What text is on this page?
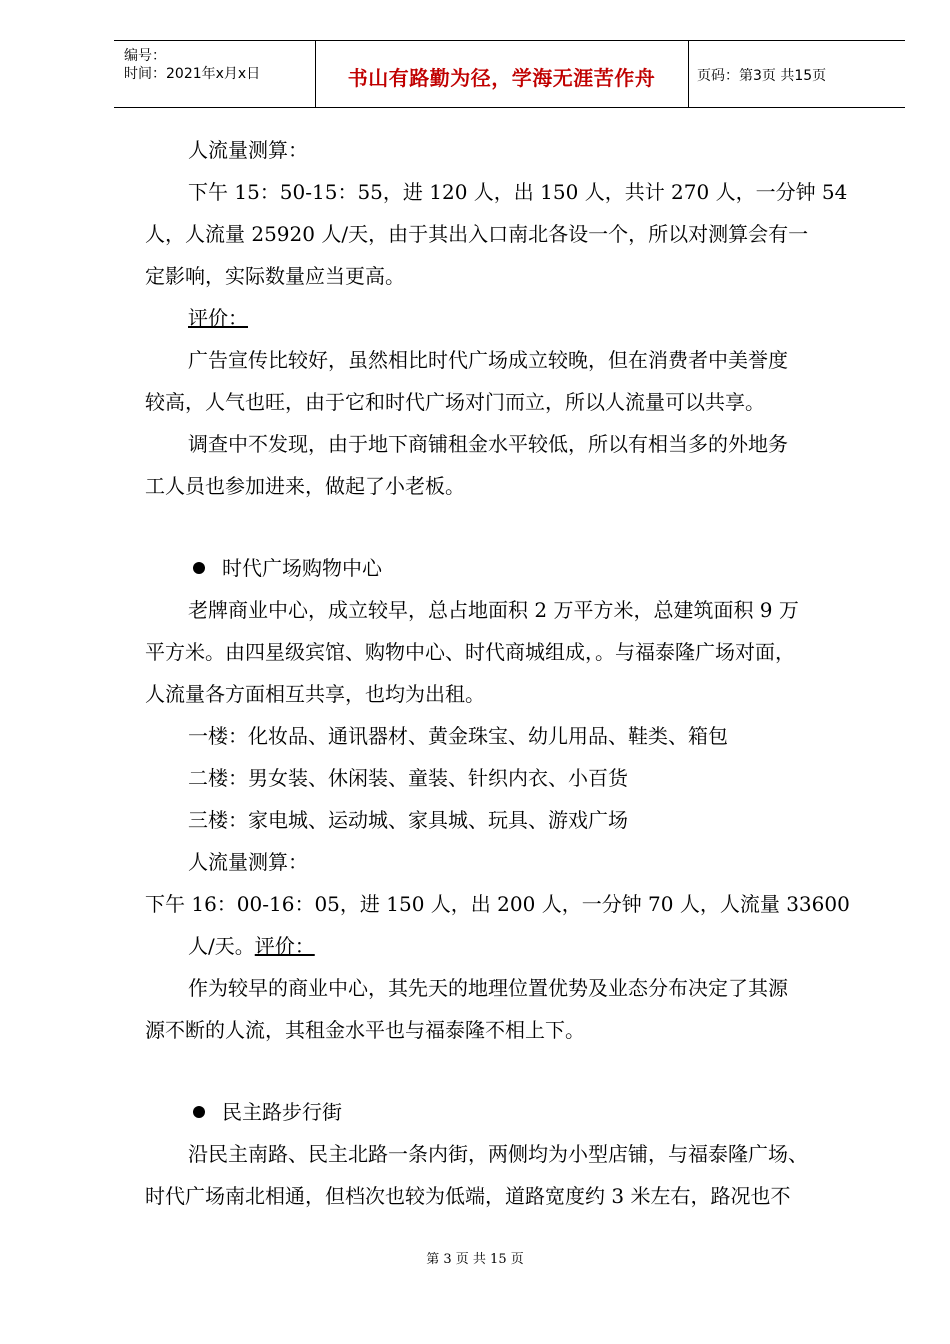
编号：
时间：2021年x月x日	书山有路勤为径，学海无涯苦作舟	页码：第3页 共15页
人流量测算：
下午 15：50-15：55，进 120 人，出 150 人，共计 270 人，一分钟 54
人，人流量 25920 人/天，由于其出入口南北各设一个，所以对测算会有一
定影响，实际数量应当更高。
评价：
广告宣传比较好，虽然相比时代广场成立较晚，但在消费者中美誉度
较高，人气也旺，由于它和时代广场对门而立，所以人流量可以共享。
调查中不发现，由于地下商铺租金水平较低，所以有相当多的外地务
工人员也参加进来，做起了小老板。
时代广场购物中心
老牌商业中心，成立较早，总占地面积 2 万平方米，总建筑面积 9 万
平方米。由四星级宾馆、购物中心、时代商城组成，。与福泰隆广场对面，
人流量各方面相互共享，也均为出租。
一楼：化妆品、通讯器材、黄金珠宝、幼儿用品、鞋类、箱包
二楼：男女装、休闲装、童装、针织内衣、小百货
三楼：家电城、运动城、家具城、玩具、游戏广场
人流量测算：
下午 16：00-16：05，进 150 人，出 200 人，一分钟 70 人，人流量 33600
人/天。评价：
作为较早的商业中心，其先天的地理位置优势及业态分布决定了其源
源不断的人流，其租金水平也与福泰隆不相上下。
民主路步行街
沿民主南路、民主北路一条内街，两侧均为小型店铺，与福泰隆广场、
时代广场南北相通，但档次也较为低端，道路宽度约 3 米左右，路况也不
第 3 页 共 15 页
